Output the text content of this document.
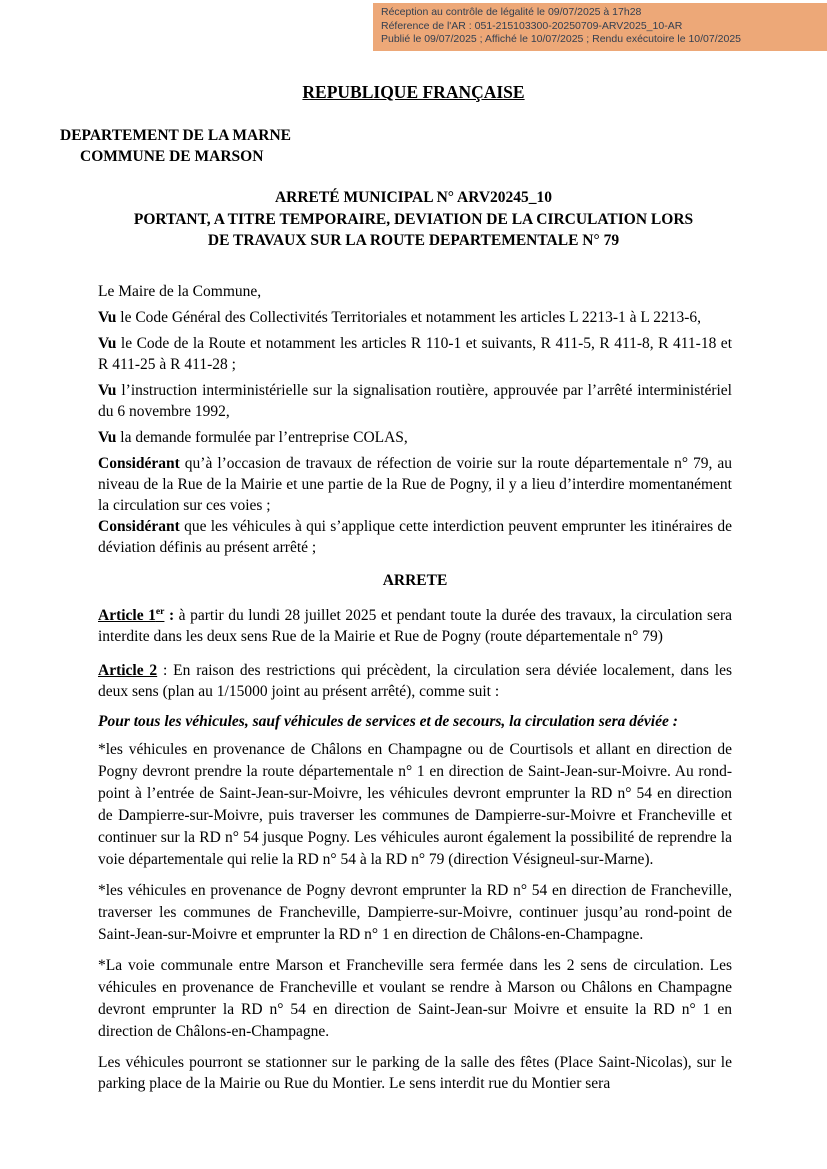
Réception au contrôle de légalité le 09/07/2025 à 17h28
Réference de l'AR : 051-215103300-20250709-ARV2025_10-AR
Publié le 09/07/2025 ; Affiché le 10/07/2025 ; Rendu exécutoire le 10/07/2025
REPUBLIQUE FRANÇAISE
DEPARTEMENT DE LA MARNE
COMMUNE DE MARSON
ARRETÉ MUNICIPAL N° ARV20245_10
PORTANT, A TITRE TEMPORAIRE, DEVIATION DE LA CIRCULATION LORS
DE TRAVAUX SUR LA ROUTE DEPARTEMENTALE N° 79

Le Maire de la Commune,

Vu le Code Général des Collectivités Territoriales et notamment les articles L 2213-1 à L 2213-6,

Vu le Code de la Route et notamment les articles R 110-1 et suivants, R 411-5, R 411-8, R 411-18 et R 411-25 à R 411-28 ;

Vu l’instruction interministérielle sur la signalisation routière, approuvée par l’arrêté interministériel du 6 novembre 1992,

Vu la demande formulée par l’entreprise COLAS,

Considérant qu’à l’occasion de travaux de réfection de voirie sur la route départementale n° 79, au niveau de la Rue de la Mairie et une partie de la Rue de Pogny, il y a lieu d’interdire momentanément la circulation sur ces voies ;

Considérant que les véhicules à qui s’applique cette interdiction peuvent emprunter les itinéraires de déviation définis au présent arrêté ;

ARRETE

Article 1er : à partir du lundi 28 juillet 2025 et pendant toute la durée des travaux, la circulation sera interdite dans les deux sens Rue de la Mairie et Rue de Pogny (route départementale n° 79)

Article 2 : En raison des restrictions qui précèdent, la circulation sera déviée localement, dans les deux sens (plan au 1/15000 joint au présent arrêté), comme suit :

Pour tous les véhicules, sauf véhicules de services et de secours, la circulation sera déviée :

*les véhicules en provenance de Châlons en Champagne ou de Courtisols et allant en direction de Pogny devront prendre la route départementale n° 1 en direction de Saint-Jean-sur-Moivre. Au rond-point à l’entrée de Saint-Jean-sur-Moivre, les véhicules devront emprunter la RD n° 54 en direction de Dampierre-sur-Moivre, puis traverser les communes de Dampierre-sur-Moivre et Francheville et continuer sur la RD n° 54 jusque Pogny. Les véhicules auront également la possibilité de reprendre la voie départementale qui relie la RD n° 54 à la RD n° 79 (direction Vésigneul-sur-Marne).

*les véhicules en provenance de Pogny devront emprunter la RD n° 54 en direction de Francheville, traverser les communes de Francheville, Dampierre-sur-Moivre, continuer jusqu’au rond-point de Saint-Jean-sur-Moivre et emprunter la RD n° 1 en direction de Châlons-en-Champagne.

*La voie communale entre Marson et Francheville sera fermée dans les 2 sens de circulation. Les véhicules en provenance de Francheville et voulant se rendre à Marson ou Châlons en Champagne devront emprunter la RD n° 54 en direction de Saint-Jean-sur Moivre et ensuite la RD n° 1 en direction de Châlons-en-Champagne.

Les véhicules pourront se stationner sur le parking de la salle des fêtes (Place Saint-Nicolas), sur le parking place de la Mairie ou Rue du Montier. Le sens interdit rue du Montier sera
